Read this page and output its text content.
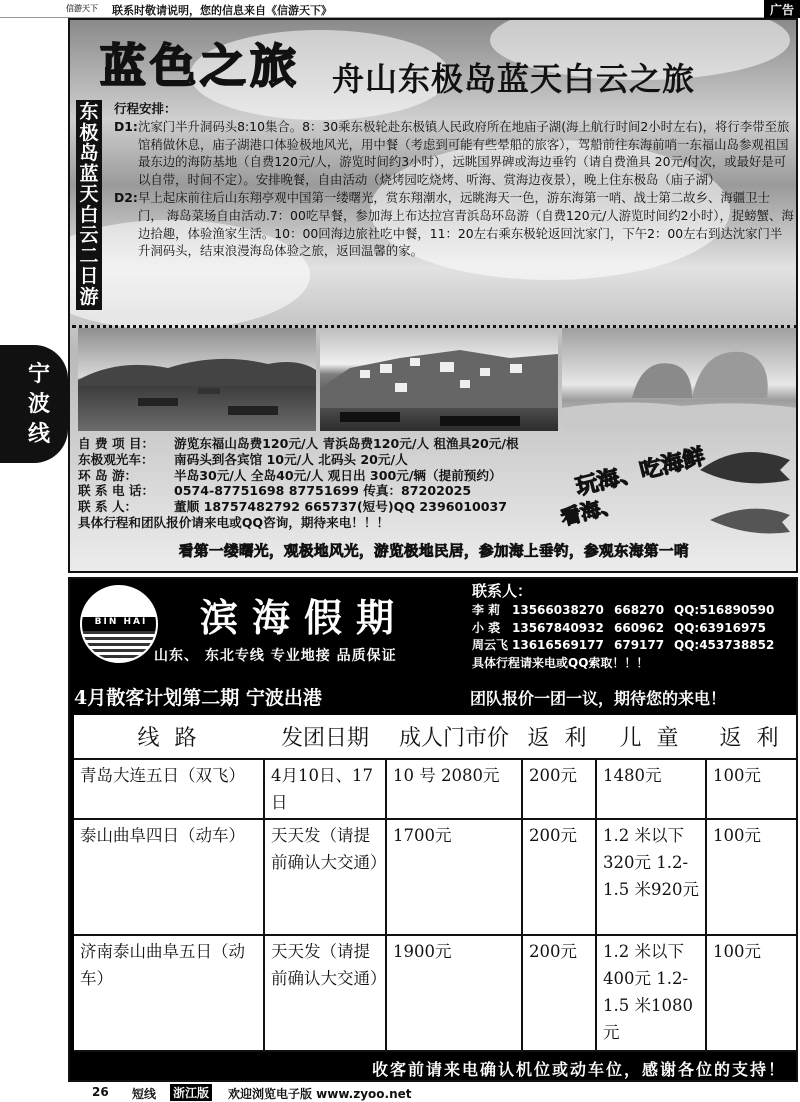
信游天下 联系时敬请说明，您的信息来自《信游天下》	广告
宁波线
蓝色之旅 舟山东极岛蓝天白云之旅
东极岛蓝天白云二日游
行程安排：
D1: 沈家门半升洞码头8:10集合。8：30乘东极轮赴东极镇人民政府所在地庙子湖(海上航行时间2小时左右)，将行李带至旅馆稍做休息，庙子湖港口体验极地风光，用中餐（考虑到可能有些晕船的旅客），驾船前往东海前哨一东福山岛参观祖国最东边的海防基地（自费120元/人，游览时间约3小时），远眺国界碑或海边垂钓（请自费渔具 20元/付次，或最好是可以自带，时间不定）。安排晚餐，自由活动（烧烤园吃烧烤、听海、赏海边夜景），晚上住东极岛（庙子湖）
D2: 早上起床前往后山东翔亭观中国第一缕曙光，赏东翔潮水，远眺海天一色，游东海第一哨、战士第二故乡、海疆卫士门， 海岛菜场自由活动.7：00吃早餐，参加海上布达拉宫青浜岛环岛游（自费120元/人游览时间约2小时），捉螃蟹、海边拾趣，体验渔家生活。10：00回海边旅社吃中餐，11：20左右乘东极轮返回沈家门，下午2：00左右到达沈家门半升洞码头，结束浪漫海岛体验之旅，返回温馨的家。
自 费 项 目：	游览东福山岛费120元/人 青浜岛费120元/人 租渔具20元/根
东极观光车：	南码头到各宾馆 10元/人 北码头 20元/人
环 岛 游：	半岛30元/人 全岛40元/人 观日出 300元/辆（提前预约）
联 系 电 话：	0574-87751698 87751699 传真：87202025
联 系 人：	董顺 18757482792 665737(短号)QQ 2396010037
具体行程和团队报价请来电或QQ咨询，期待来电！！！
玩海、吃海鲜
看海、
看第一缕曙光，观极地风光，游览极地民居，参加海上垂钓，参观东海第一哨
BIN HAI	滨海假期
山东、 东北专线 专业地接 品质保证
联系人：
李 莉 13566038270 668270 QQ:516890590
小 裘 13567840932 660962 QQ:63916975
周云飞 13616569177 679177 QQ:453738852
具体行程请来电或QQ索取！！！
4月散客计划第二期 宁波出港	团队报价一团一议，期待您的来电！
线 路	发团日期	成人门市价	返 利	儿 童	返 利
青岛大连五日（双飞）	4月10日、17日	10 号 2080元	200元	1480元	100元
泰山曲阜四日（动车）	天天发（请提前确认大交通）	1700元	200元	1.2 米以下320元 1.2-1.5 米920元	100元
济南泰山曲阜五日（动车）	天天发（请提前确认大交通）	1900元	200元	1.2 米以下400元 1.2-1.5 米1080元	100元
收客前请来电确认机位或动车位，感谢各位的支持！
26 短线 浙江版 欢迎浏览电子版 www.zyoo.net
